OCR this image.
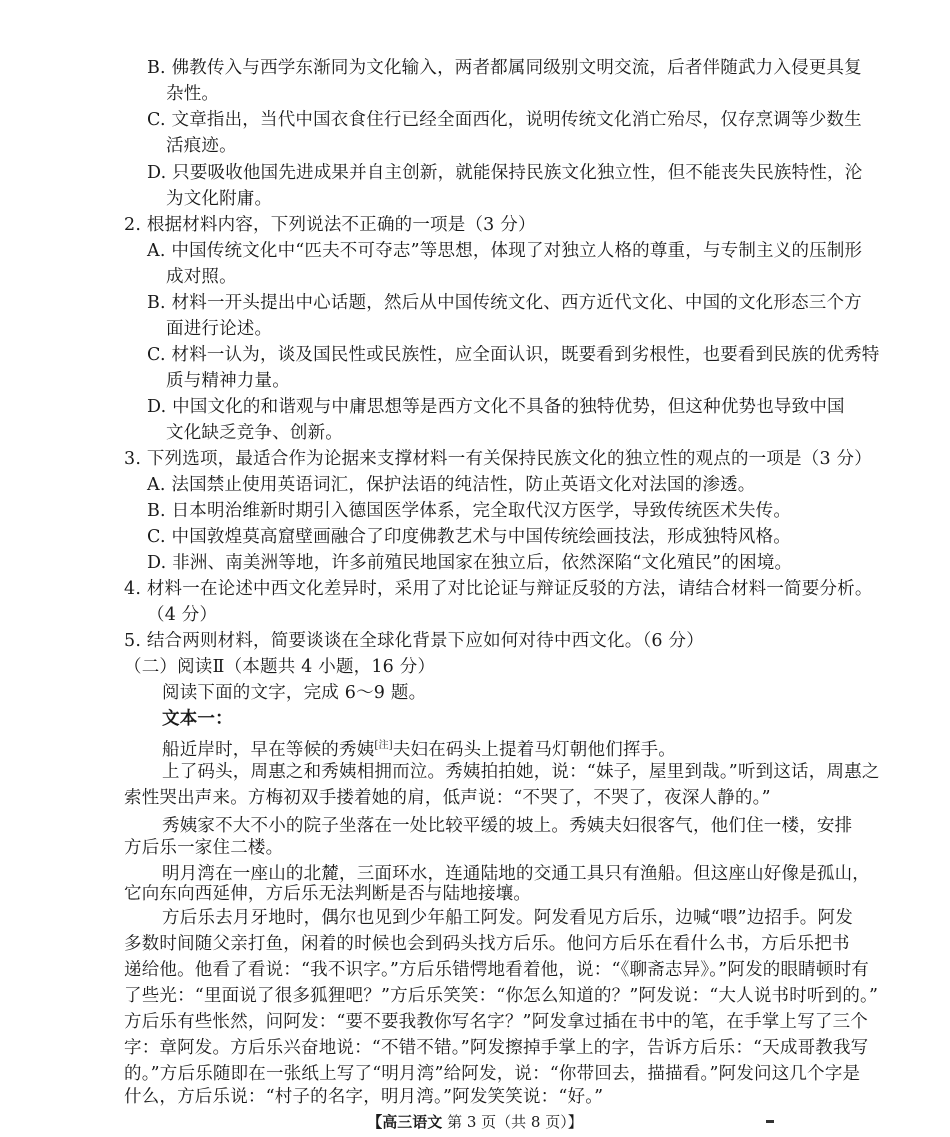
B. 佛教传入与西学东渐同为文化输入，两者都属同级别文明交流，后者伴随武力入侵更具复
杂性。
C. 文章指出，当代中国衣食住行已经全面西化，说明传统文化消亡殆尽，仅存烹调等少数生
活痕迹。
D. 只要吸收他国先进成果并自主创新，就能保持民族文化独立性，但不能丧失民族特性，沦
为文化附庸。
2. 根据材料内容，下列说法不正确的一项是（3 分）
A. 中国传统文化中“匹夫不可夺志”等思想，体现了对独立人格的尊重，与专制主义的压制形
成对照。
B. 材料一开头提出中心话题，然后从中国传统文化、西方近代文化、中国的文化形态三个方
面进行论述。
C. 材料一认为，谈及国民性或民族性，应全面认识，既要看到劣根性，也要看到民族的优秀特
质与精神力量。
D. 中国文化的和谐观与中庸思想等是西方文化不具备的独特优势，但这种优势也导致中国
文化缺乏竞争、创新。
3. 下列选项，最适合作为论据来支撑材料一有关保持民族文化的独立性的观点的一项是（3 分）
A. 法国禁止使用英语词汇，保护法语的纯洁性，防止英语文化对法国的渗透。
B. 日本明治维新时期引入德国医学体系，完全取代汉方医学，导致传统医术失传。
C. 中国敦煌莫高窟壁画融合了印度佛教艺术与中国传统绘画技法，形成独特风格。
D. 非洲、南美洲等地，许多前殖民地国家在独立后，依然深陷“文化殖民”的困境。
4. 材料一在论述中西文化差异时，采用了对比论证与辩证反驳的方法，请结合材料一简要分析。
（4 分）
5. 结合两则材料，简要谈谈在全球化背景下应如何对待中西文化。（6 分）
（二）阅读Ⅱ（本题共 4 小题，16 分）
阅读下面的文字，完成 6～9 题。
文本一：
船近岸时，早在等候的秀姨[注]夫妇在码头上提着马灯朝他们挥手。
上了码头，周惠之和秀姨相拥而泣。秀姨拍拍她，说：“妹子，屋里到哉。”听到这话，周惠之
索性哭出声来。方梅初双手搂着她的肩，低声说：“不哭了，不哭了，夜深人静的。”
秀姨家不大不小的院子坐落在一处比较平缓的坡上。秀姨夫妇很客气，他们住一楼，安排
方后乐一家住二楼。
明月湾在一座山的北麓，三面环水，连通陆地的交通工具只有渔船。但这座山好像是孤山，
它向东向西延伸，方后乐无法判断是否与陆地接壤。
方后乐去月牙地时，偶尔也见到少年船工阿发。阿发看见方后乐，边喊“喂”边招手。阿发
多数时间随父亲打鱼，闲着的时候也会到码头找方后乐。他问方后乐在看什么书，方后乐把书
递给他。他看了看说：“我不识字。”方后乐错愕地看着他，说：“《聊斋志异》。”阿发的眼睛顿时有
了些光：“里面说了很多狐狸吧？”方后乐笑笑：“你怎么知道的？”阿发说：“大人说书时听到的。”
方后乐有些怅然，问阿发：“要不要我教你写名字？”阿发拿过插在书中的笔，在手掌上写了三个
字：章阿发。方后乐兴奋地说：“不错不错。”阿发擦掉手掌上的字，告诉方后乐：“天成哥教我写
的。”方后乐随即在一张纸上写了“明月湾”给阿发，说：“你带回去，描描看。”阿发问这几个字是
【高三语文 第 3 页（共 8 页）】
什么，方后乐说：“村子的名字，明月湾。”阿发笑笑说：“好。”
